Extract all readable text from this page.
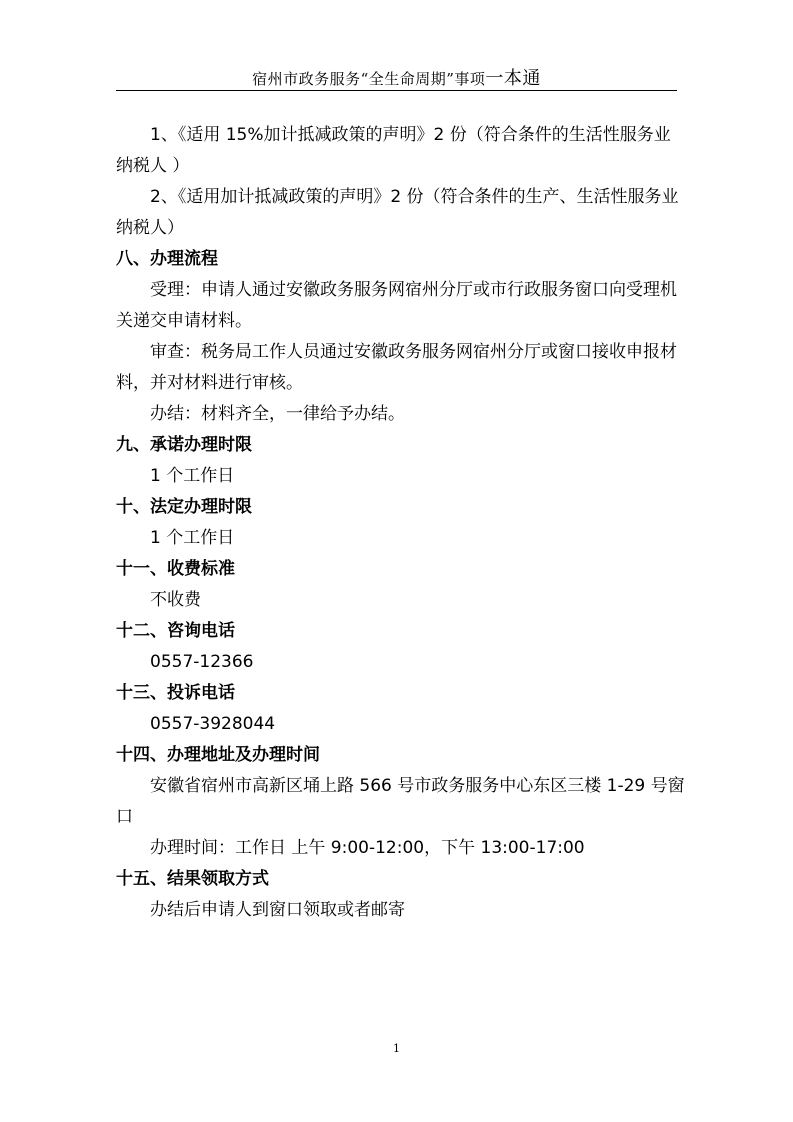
宿州市政务服务“全生命周期”事项一本通

1、《适用 15%加计抵减政策的声明》2 份（符合条件的生活性服务业纳税人 ）

2、《适用加计抵减政策的声明》2 份（符合条件的生产、生活性服务业纳税人）

八、办理流程

受理：申请人通过安徽政务服务网宿州分厅或市行政服务窗口向受理机关递交申请材料。

审查：税务局工作人员通过安徽政务服务网宿州分厅或窗口接收申报材料，并对材料进行审核。

办结：材料齐全，一律给予办结。

九、承诺办理时限

1 个工作日

十、法定办理时限

1 个工作日

十一、收费标准

不收费

十二、咨询电话

0557-12366

十三、投诉电话

0557-3928044

十四、办理地址及办理时间

安徽省宿州市高新区埇上路 566 号市政务服务中心东区三楼 1-29 号窗口

办理时间：工作日 上午 9:00-12:00，下午 13:00-17:00

十五、结果领取方式

办结后申请人到窗口领取或者邮寄

1
